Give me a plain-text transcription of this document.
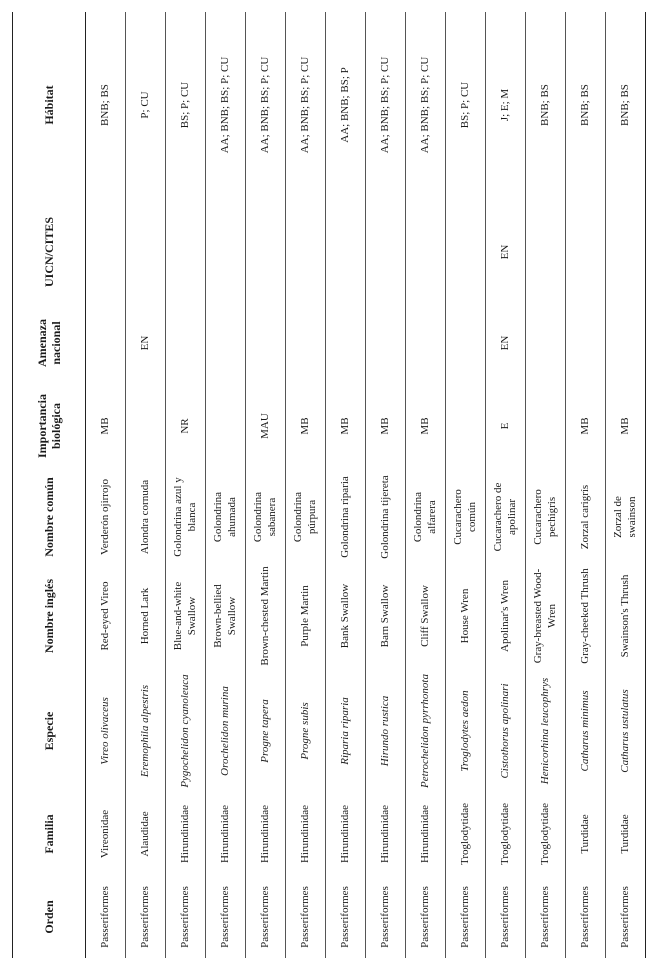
Orden	Familia	Especie	Nombre inglés	Nombre común	Importancia biológica	Amenaza nacional	UICN/CITES	Hábitat
Passeriformes	Vireonidae	Vireo olivaceus	Red-eyed Vireo	Verderón ojirrojo	MB			BNB; BS
Passeriformes	Alaudidae	Eremophila alpestris	Horned Lark	Alondra cornuda		EN		P; CU
Passeriformes	Hirundinidae	Pygochelidon cyanoleuca	Blue-and-white Swallow	Golondrina azul y blanca	NR			BS; P; CU
Passeriformes	Hirundinidae	Orochelidon murina	Brown-bellied Swallow	Golondrina ahumada				AA; BNB; BS; P; CU
Passeriformes	Hirundinidae	Progne tapera	Brown-chested Martin	Golondrina sabanera	MAU			AA; BNB; BS; P; CU
Passeriformes	Hirundinidae	Progne subis	Purple Martin	Golondrina púrpura	MB			AA; BNB; BS; P; CU
Passeriformes	Hirundinidae	Riparia riparia	Bank Swallow	Golondrina riparia	MB			AA; BNB; BS; P
Passeriformes	Hirundinidae	Hirundo rustica	Barn Swallow	Golondrina tijereta	MB			AA; BNB; BS; P; CU
Passeriformes	Hirundinidae	Petrochelidon pyrrhonota	Cliff Swallow	Golondrina alfarera	MB			AA; BNB; BS; P; CU
Passeriformes	Troglodytidae	Troglodytes aedon	House Wren	Cucarachero común				BS; P; CU
Passeriformes	Troglodytidae	Cistothorus apolinari	Apolinar's Wren	Cucarachero de apolinar	E	EN	EN	J; E; M
Passeriformes	Troglodytidae	Henicorhina leucophrys	Gray-breasted Wood-Wren	Cucarachero pechigris				BNB; BS
Passeriformes	Turdidae	Catharus minimus	Gray-cheeked Thrush	Zorzal carigrís	MB			BNB; BS
Passeriformes	Turdidae	Catharus ustulatus	Swainson's Thrush	Zorzal de swainson	MB			BNB; BS
